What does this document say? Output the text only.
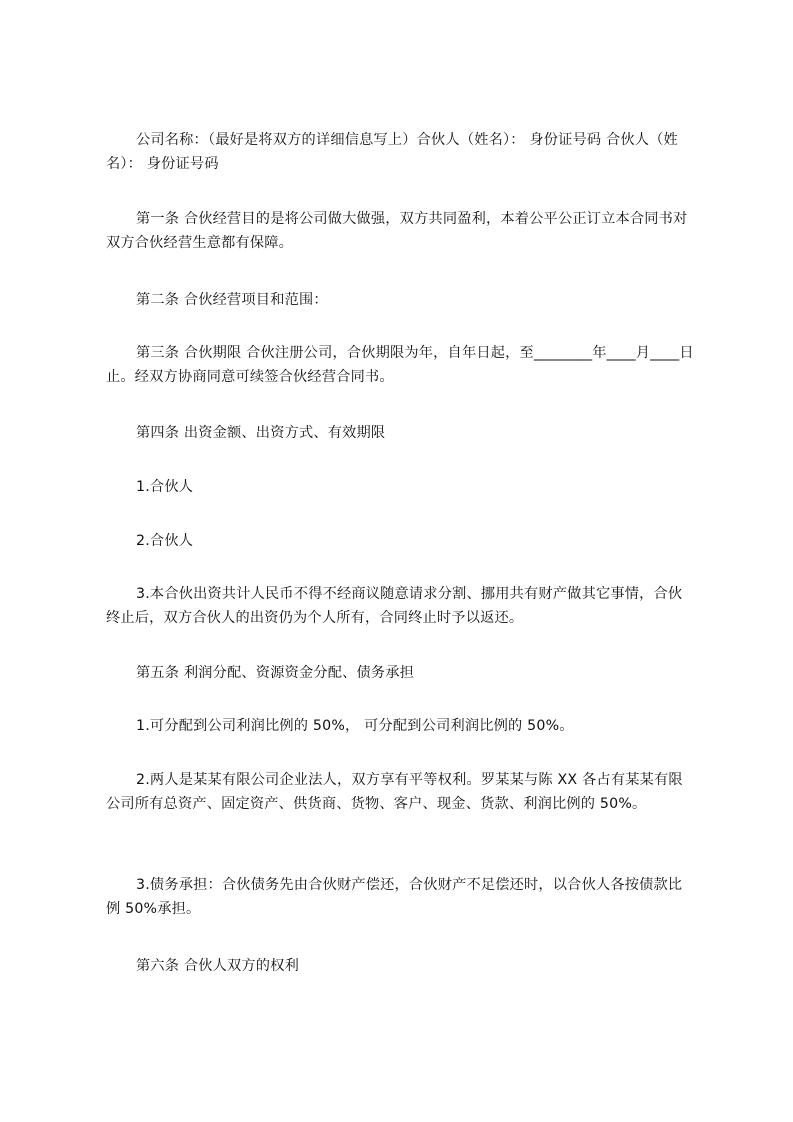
公司名称：（最好是将双方的详细信息写上）合伙人（姓名）： 身份证号码 合伙人（姓名）： 身份证号码

第一条 合伙经营目的是将公司做大做强，双方共同盈利，本着公平公正订立本合同书对双方合伙经营生意都有保障。

第二条 合伙经营项目和范围：

第三条 合伙期限 合伙注册公司，合伙期限为年，自年日起，至________年____月____日止。经双方协商同意可续签合伙经营合同书。

第四条 出资金额、出资方式、有效期限

1.合伙人

2.合伙人

3.本合伙出资共计人民币不得不经商议随意请求分割、挪用共有财产做其它事情，合伙终止后，双方合伙人的出资仍为个人所有，合同终止时予以返还。

第五条 利润分配、资源资金分配、债务承担

1.可分配到公司利润比例的 50%， 可分配到公司利润比例的 50%。

2.两人是某某有限公司企业法人，双方享有平等权利。罗某某与陈 XX 各占有某某有限公司所有总资产、固定资产、供货商、货物、客户、现金、货款、利润比例的 50%。

3.债务承担：合伙债务先由合伙财产偿还，合伙财产不足偿还时，以合伙人各按债款比例 50%承担。

第六条 合伙人双方的权利
